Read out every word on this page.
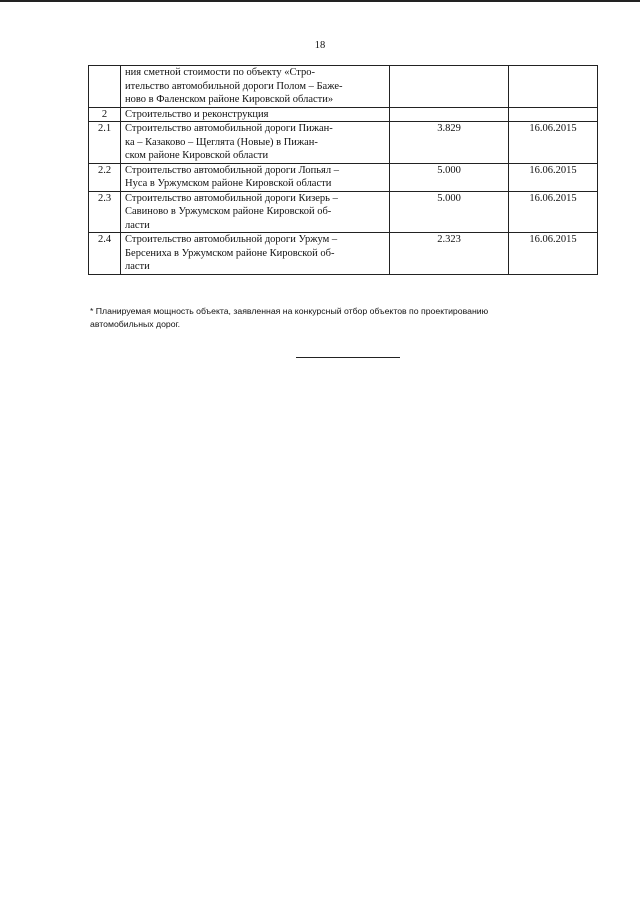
18

	ния сметной стоимости по объекту «Стро-
ительство автомобильной дороги Полом – Баже-
ново в Фаленском районе Кировской области»		

2	Строительство и реконструкция		

2.1	Строительство автомобильной дороги Пижан-
ка – Казаково – Щеглята (Новые) в Пижан-
ском районе Кировской области	3.829	16.06.2015
2.2	Строительство автомобильной дороги Лопьял –
Нуса в Уржумском районе Кировской области	5.000	16.06.2015
2.3	Строительство автомобильной дороги Кизерь –
Савиново в Уржумском районе Кировской об-
ласти	5.000	16.06.2015
2.4	Строительство автомобильной дороги Уржум –
Берсениха в Уржумском районе Кировской об-
ласти	2.323	16.06.2015
* Планируемая мощность объекта, заявленная на конкурсный отбор объектов по проектированию
автомобильных дорог.
